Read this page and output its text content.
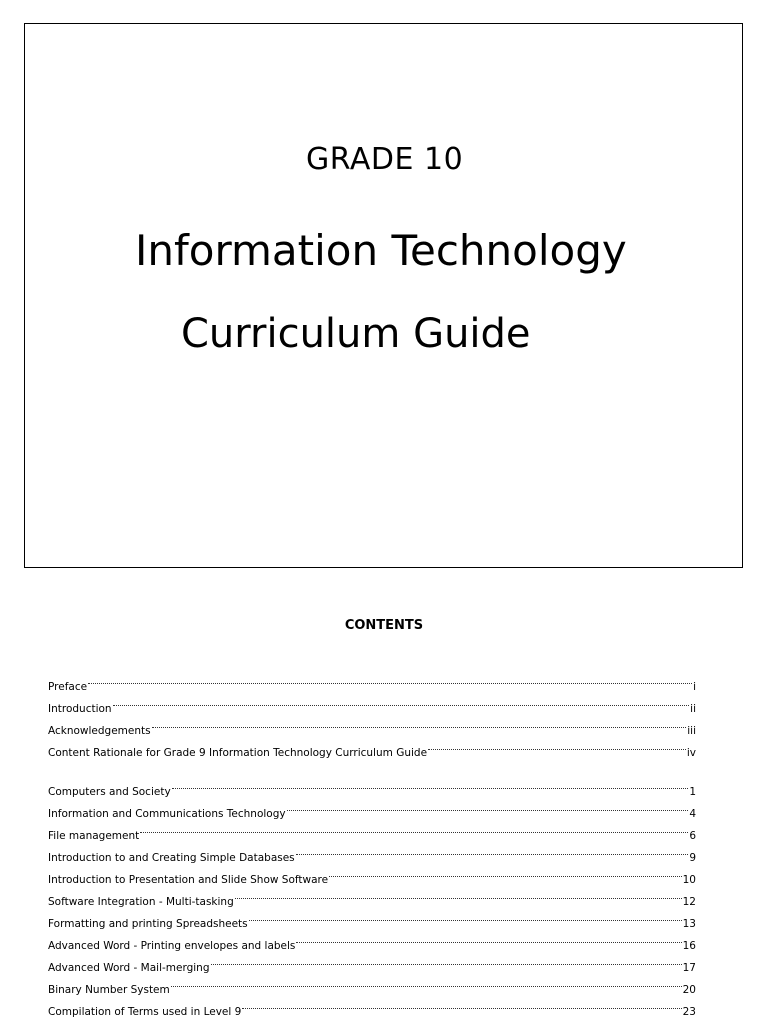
GRADE 10
Information Technology
Curriculum Guide
CONTENTS
Preface	i
Introduction	ii
Acknowledgements	iii
Content Rationale for Grade 9 Information Technology Curriculum Guide	iv
Computers and Society	1
Information and Communications Technology	4
File management	6
Introduction to and Creating Simple Databases	9
Introduction to Presentation and Slide Show Software	10
Software Integration - Multi-tasking	12
Formatting and printing Spreadsheets	13
Advanced Word - Printing envelopes and labels	16
Advanced Word - Mail-merging	17
Binary Number System	20
Compilation of Terms used in Level 9	23
